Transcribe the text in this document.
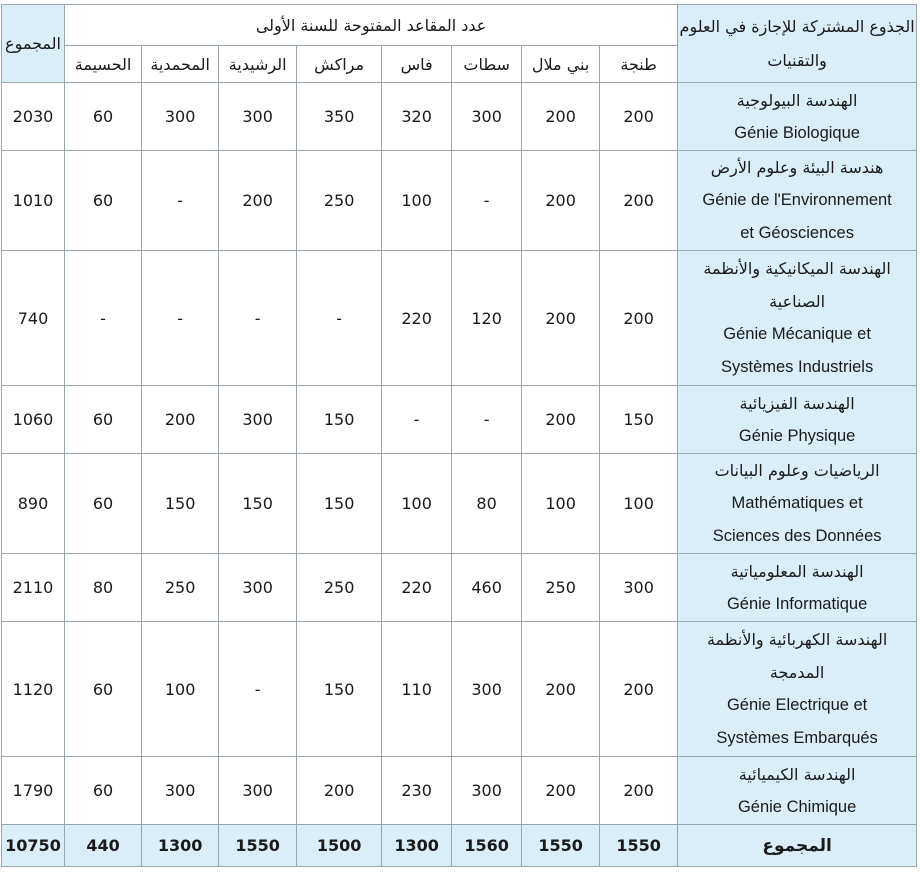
الجذوع المشتركة للإجازة في العلوم والتقنيات	عدد المقاعد المفتوحة للسنة الأولى								المجموع
	طنجة	بني ملال	سطات	فاس	مراكش	الرشيدية	المحمدية	الحسيمة	

الهندسة البيولوجية
Génie Biologique	200	200	300	320	350	300	300	60	2030

هندسة البيئة وعلوم الأرض
Génie de l'Environnement
et Géosciences	200	200	-	100	250	200	-	60	1010

الهندسة الميكانيكية والأنظمة
الصناعية
Génie Mécanique et
Systèmes Industriels	200	200	120	220	-	-	-	-	740

الهندسة الفيزيائية
Génie Physique	150	200	-	-	150	300	200	60	1060

الرياضيات وعلوم البيانات
Mathématiques et
Sciences des Données	100	100	80	100	150	150	150	60	890

الهندسة المعلومياتية
Génie Informatique	300	250	460	220	250	300	250	80	2110

الهندسة الكهربائية والأنظمة
المدمجة
Génie Electrique et
Systèmes Embarqués	200	200	300	110	150	-	100	60	1120

الهندسة الكيميائية
Génie Chimique	200	200	300	230	200	300	300	60	1790
المجموع	1550	1550	1560	1300	1500	1550	1300	440	10750
